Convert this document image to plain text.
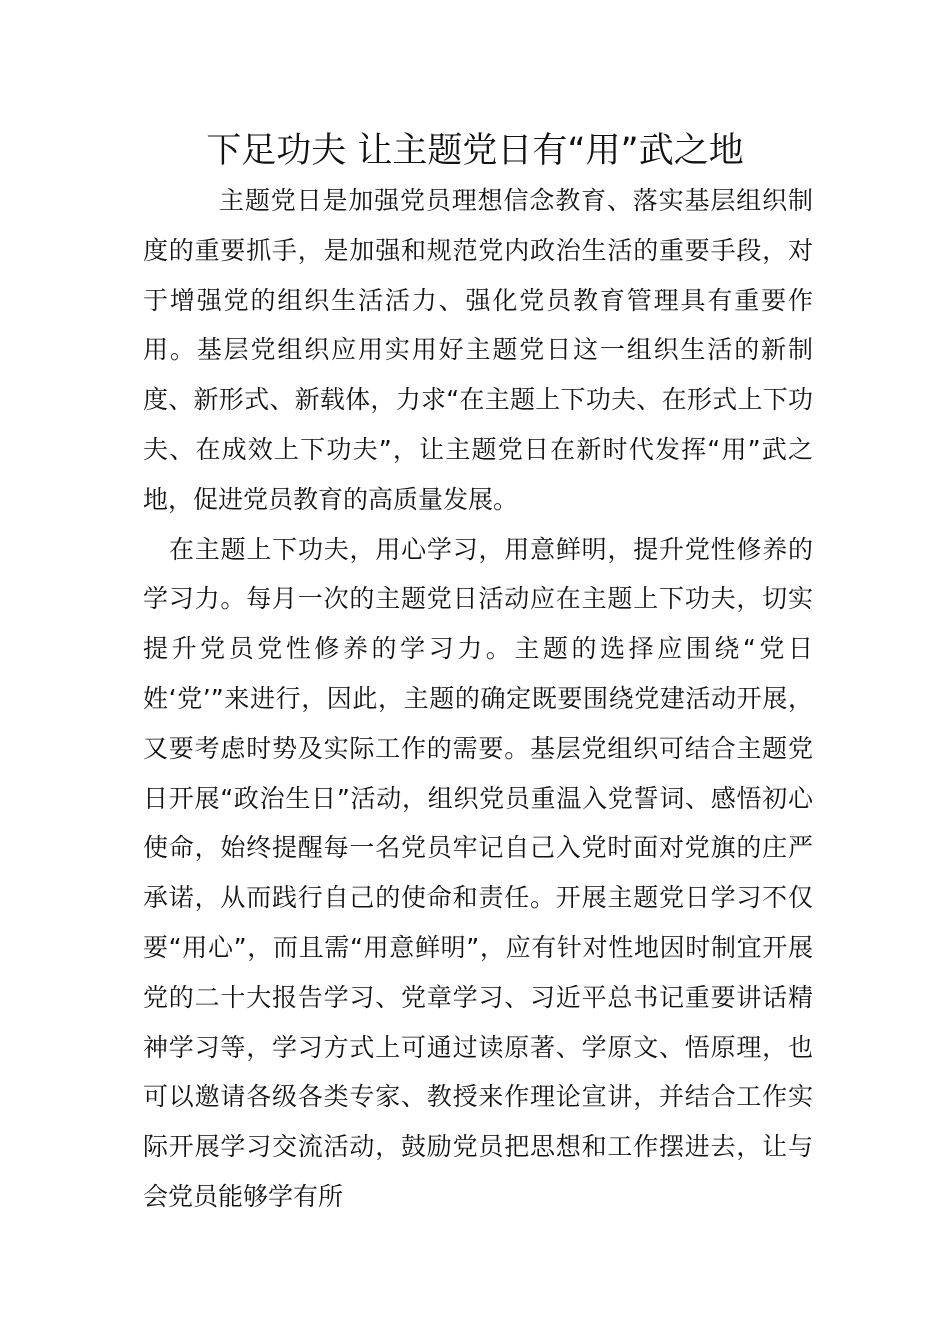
下足功夫 让主题党日有“用”武之地

主题党日是加强党员理想信念教育、落实基层组织制度的重要抓手，是加强和规范党内政治生活的重要手段，对于增强党的组织生活活力、强化党员教育管理具有重要作用。基层党组织应用实用好主题党日这一组织生活的新制度、新形式、新载体，力求“在主题上下功夫、在形式上下功夫、在成效上下功夫”，让主题党日在新时代发挥“用”武之地，促进党员教育的高质量发展。

在主题上下功夫，用心学习，用意鲜明，提升党性修养的学习力。每月一次的主题党日活动应在主题上下功夫，切实提升党员党性修养的学习力。主题的选择应围绕“党日姓‘党’”来进行，因此，主题的确定既要围绕党建活动开展，又要考虑时势及实际工作的需要。基层党组织可结合主题党日开展“政治生日”活动，组织党员重温入党誓词、感悟初心使命，始终提醒每一名党员牢记自己入党时面对党旗的庄严承诺，从而践行自己的使命和责任。开展主题党日学习不仅要“用心”，而且需“用意鲜明”，应有针对性地因时制宜开展党的二十大报告学习、党章学习、习近平总书记重要讲话精神学习等，学习方式上可通过读原著、学原文、悟原理，也可以邀请各级各类专家、教授来作理论宣讲，并结合工作实际开展学习交流活动，鼓励党员把思想和工作摆进去，让与会党员能够学有所
